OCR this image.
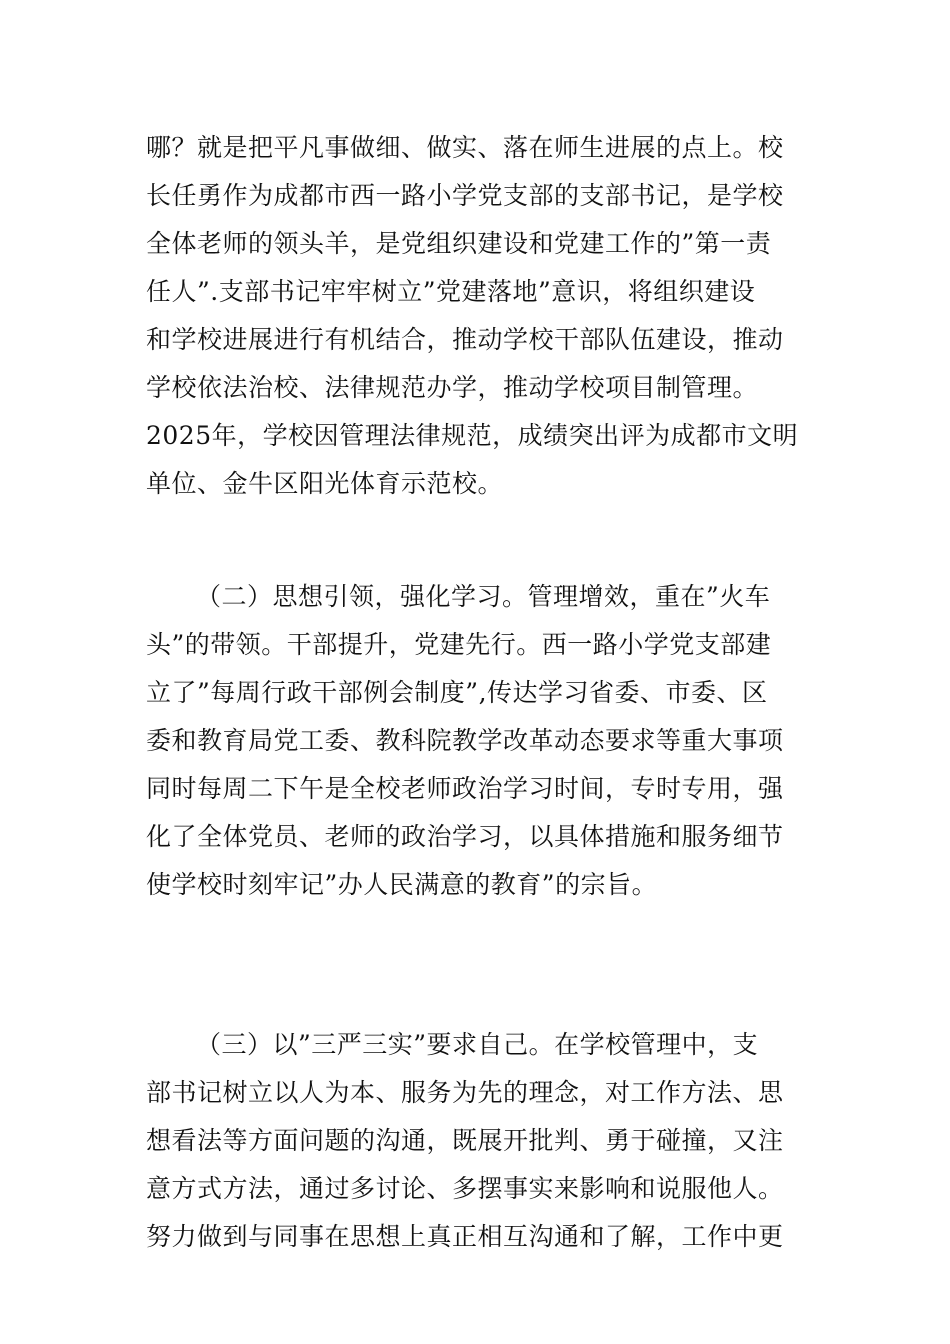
哪？就是把平凡事做细、做实、落在师生进展的点上。校
长任勇作为成都市西一路小学党支部的支部书记，是学校
全体老师的领头羊，是党组织建设和党建工作的”第一责
任人”.支部书记牢牢树立”党建落地”意识，将组织建设
和学校进展进行有机结合，推动学校干部队伍建设，推动
学校依法治校、法律规范办学，推动学校项目制管理。
2025年，学校因管理法律规范，成绩突出评为成都市文明
单位、金牛区阳光体育示范校。
（二）思想引领，强化学习。管理增效，重在”火车
头”的带领。干部提升，党建先行。西一路小学党支部建
立了”每周行政干部例会制度”,传达学习省委、市委、区
委和教育局党工委、教科院教学改革动态要求等重大事项
同时每周二下午是全校老师政治学习时间，专时专用，强
化了全体党员、老师的政治学习，以具体措施和服务细节
使学校时刻牢记”办人民满意的教育”的宗旨。
（三）以”三严三实”要求自己。在学校管理中，支
部书记树立以人为本、服务为先的理念，对工作方法、思
想看法等方面问题的沟通，既展开批判、勇于碰撞，又注
意方式方法，通过多讨论、多摆事实来影响和说服他人。
努力做到与同事在思想上真正相互沟通和了解，工作中更
